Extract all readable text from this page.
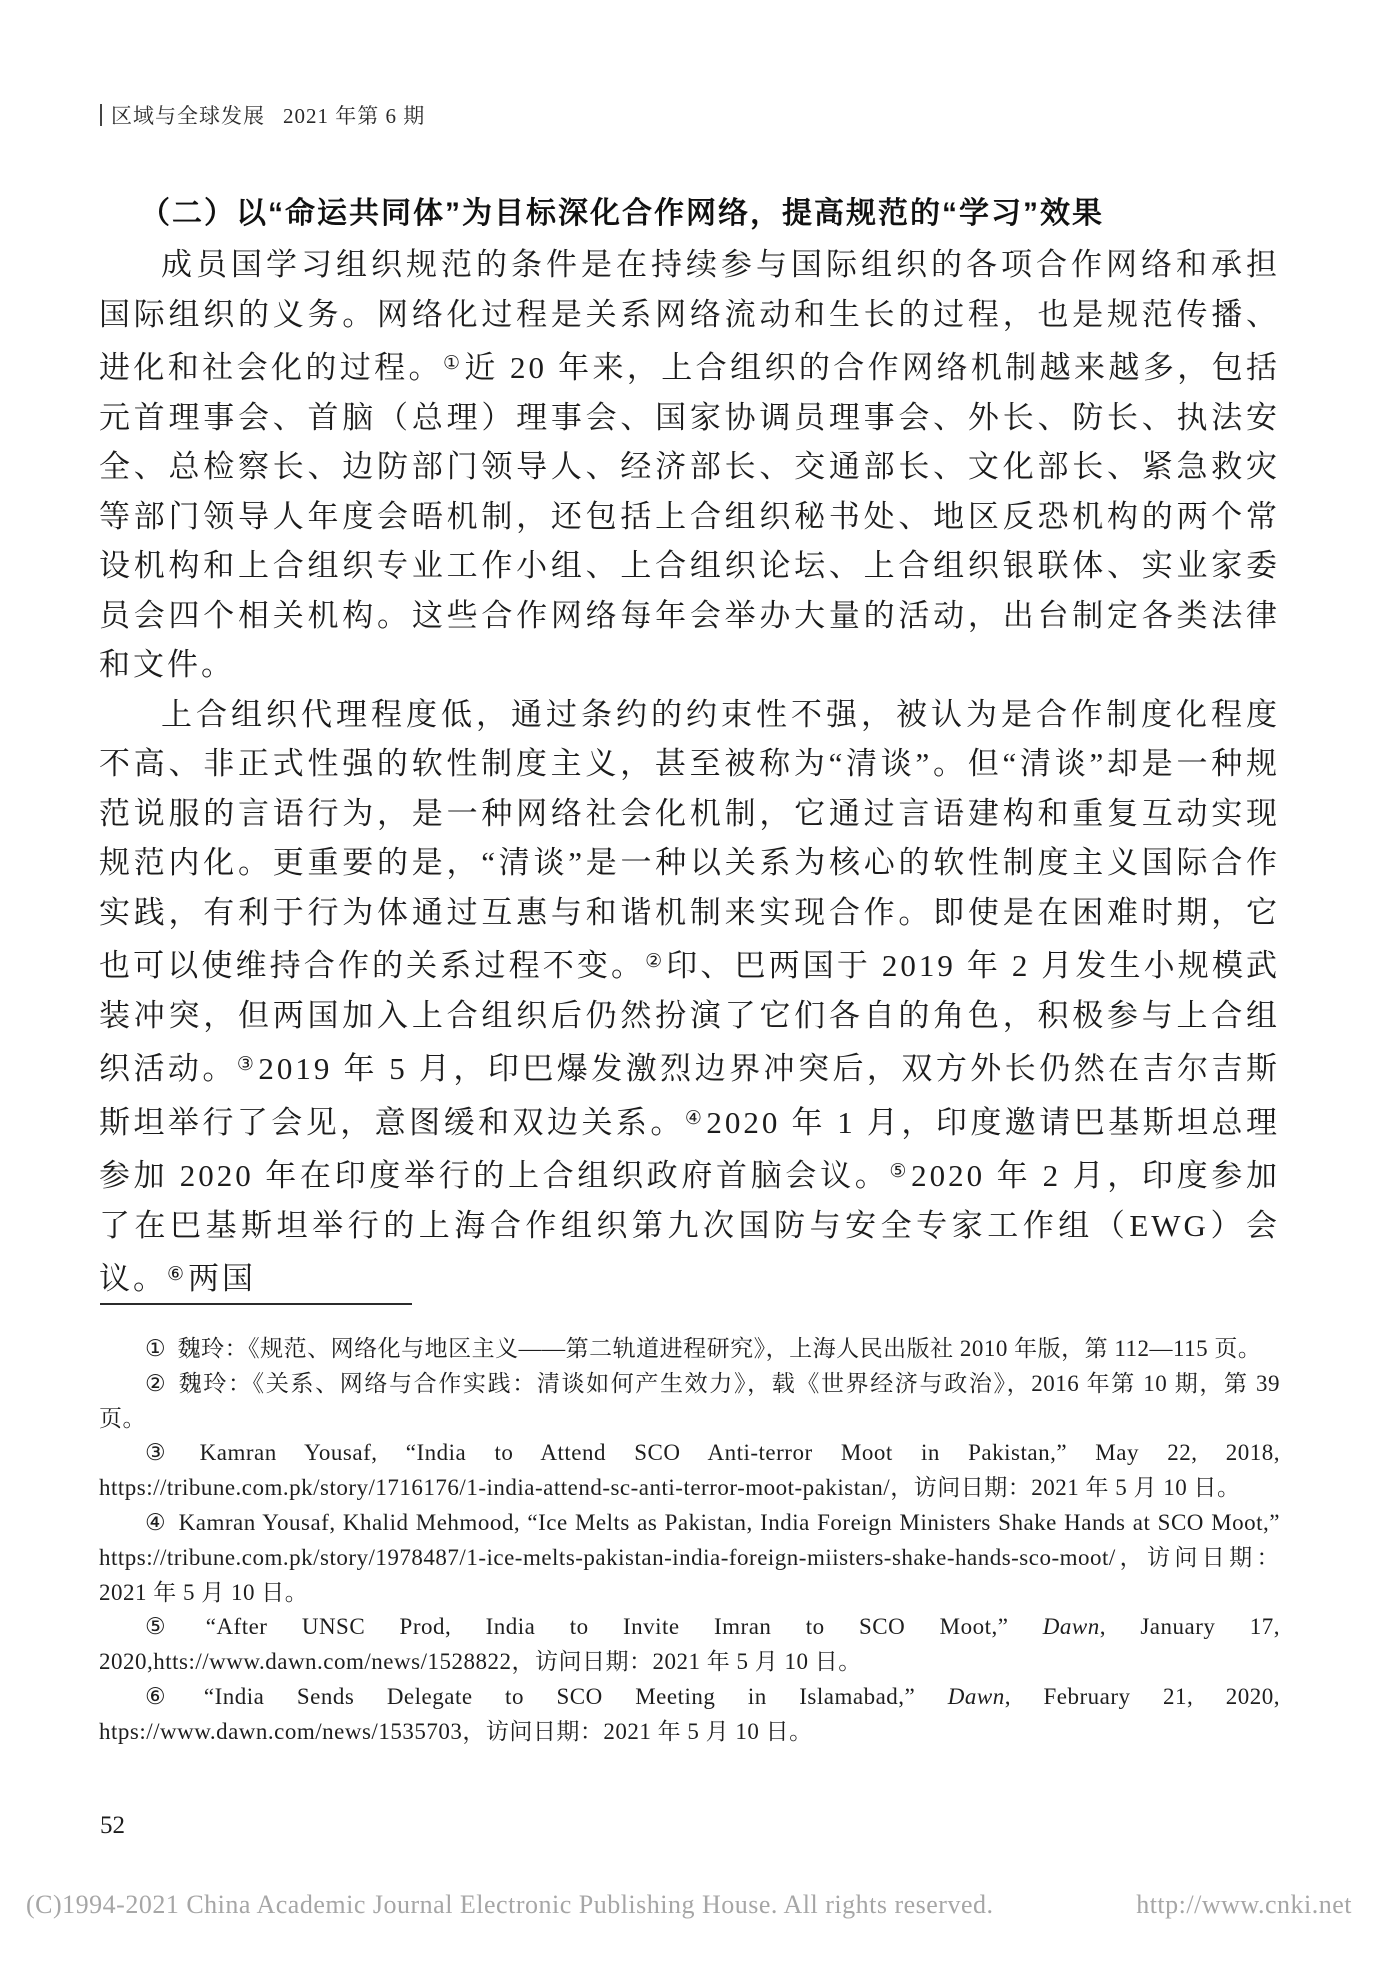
区域与全球发展 2021 年第 6 期
（二）以“命运共同体”为目标深化合作网络，提高规范的“学习”效果

成员国学习组织规范的条件是在持续参与国际组织的各项合作网络和承担国际组织的义务。网络化过程是关系网络流动和生长的过程，也是规范传播、进化和社会化的过程。① 近 20 年来，上合组织的合作网络机制越来越多，包括元首理事会、首脑（总理）理事会、国家协调员理事会、外长、防长、执法安全、总检察长、边防部门领导人、经济部长、交通部长、文化部长、紧急救灾等部门领导人年度会晤机制，还包括上合组织秘书处、地区反恐机构的两个常设机构和上合组织专业工作小组、上合组织论坛、上合组织银联体、实业家委员会四个相关机构。这些合作网络每年会举办大量的活动，出台制定各类法律和文件。

上合组织代理程度低，通过条约的约束性不强，被认为是合作制度化程度不高、非正式性强的软性制度主义，甚至被称为“清谈”。但“清谈”却是一种规范说服的言语行为，是一种网络社会化机制，它通过言语建构和重复互动实现规范内化。更重要的是，“清谈”是一种以关系为核心的软性制度主义国际合作实践，有利于行为体通过互惠与和谐机制来实现合作。即使是在困难时期，它也可以使维持合作的关系过程不变。② 印、巴两国于 2019 年 2 月发生小规模武装冲突，但两国加入上合组织后仍然扮演了它们各自的角色，积极参与上合组织活动。③ 2019 年 5 月，印巴爆发激烈边界冲突后，双方外长仍然在吉尔吉斯斯坦举行了会见，意图缓和双边关系。④ 2020 年 1 月，印度邀请巴基斯坦总理参加 2020 年在印度举行的上合组织政府首脑会议。⑤ 2020 年 2 月，印度参加了在巴基斯坦举行的上海合作组织第九次国防与安全专家工作组（EWG）会议。⑥ 两国

① 魏玲：《规范、网络化与地区主义——第二轨道进程研究》，上海人民出版社 2010 年版，第 112—115 页。

② 魏玲：《关系、网络与合作实践：清谈如何产生效力》，载《世界经济与政治》，2016 年第 10 期，第 39 页。

③ Kamran Yousaf, “India to Attend SCO Anti-terror Moot in Pakistan,” May 22, 2018, https://tribune.com.pk/story/1716176/1-india-attend-sc-anti-terror-moot-pakistan/，访问日期：2021 年 5 月 10 日。

④ Kamran Yousaf, Khalid Mehmood, “Ice Melts as Pakistan, India Foreign Ministers Shake Hands at SCO Moot,” https://tribune.com.pk/story/1978487/1-ice-melts-pakistan-india-foreign-miisters-shake-hands-sco-moot/，访问日期：2021 年 5 月 10 日。

⑤ “After UNSC Prod, India to Invite Imran to SCO Moot,” Dawn, January 17, 2020,htts://www.dawn.com/news/1528822，访问日期：2021 年 5 月 10 日。

⑥ “India Sends Delegate to SCO Meeting in Islamabad,” Dawn, February 21, 2020, htps://www.dawn.com/news/1535703，访问日期：2021 年 5 月 10 日。

52
(C)1994-2021 China Academic Journal Electronic Publishing House. All rights reserved.	http://www.cnki.net
